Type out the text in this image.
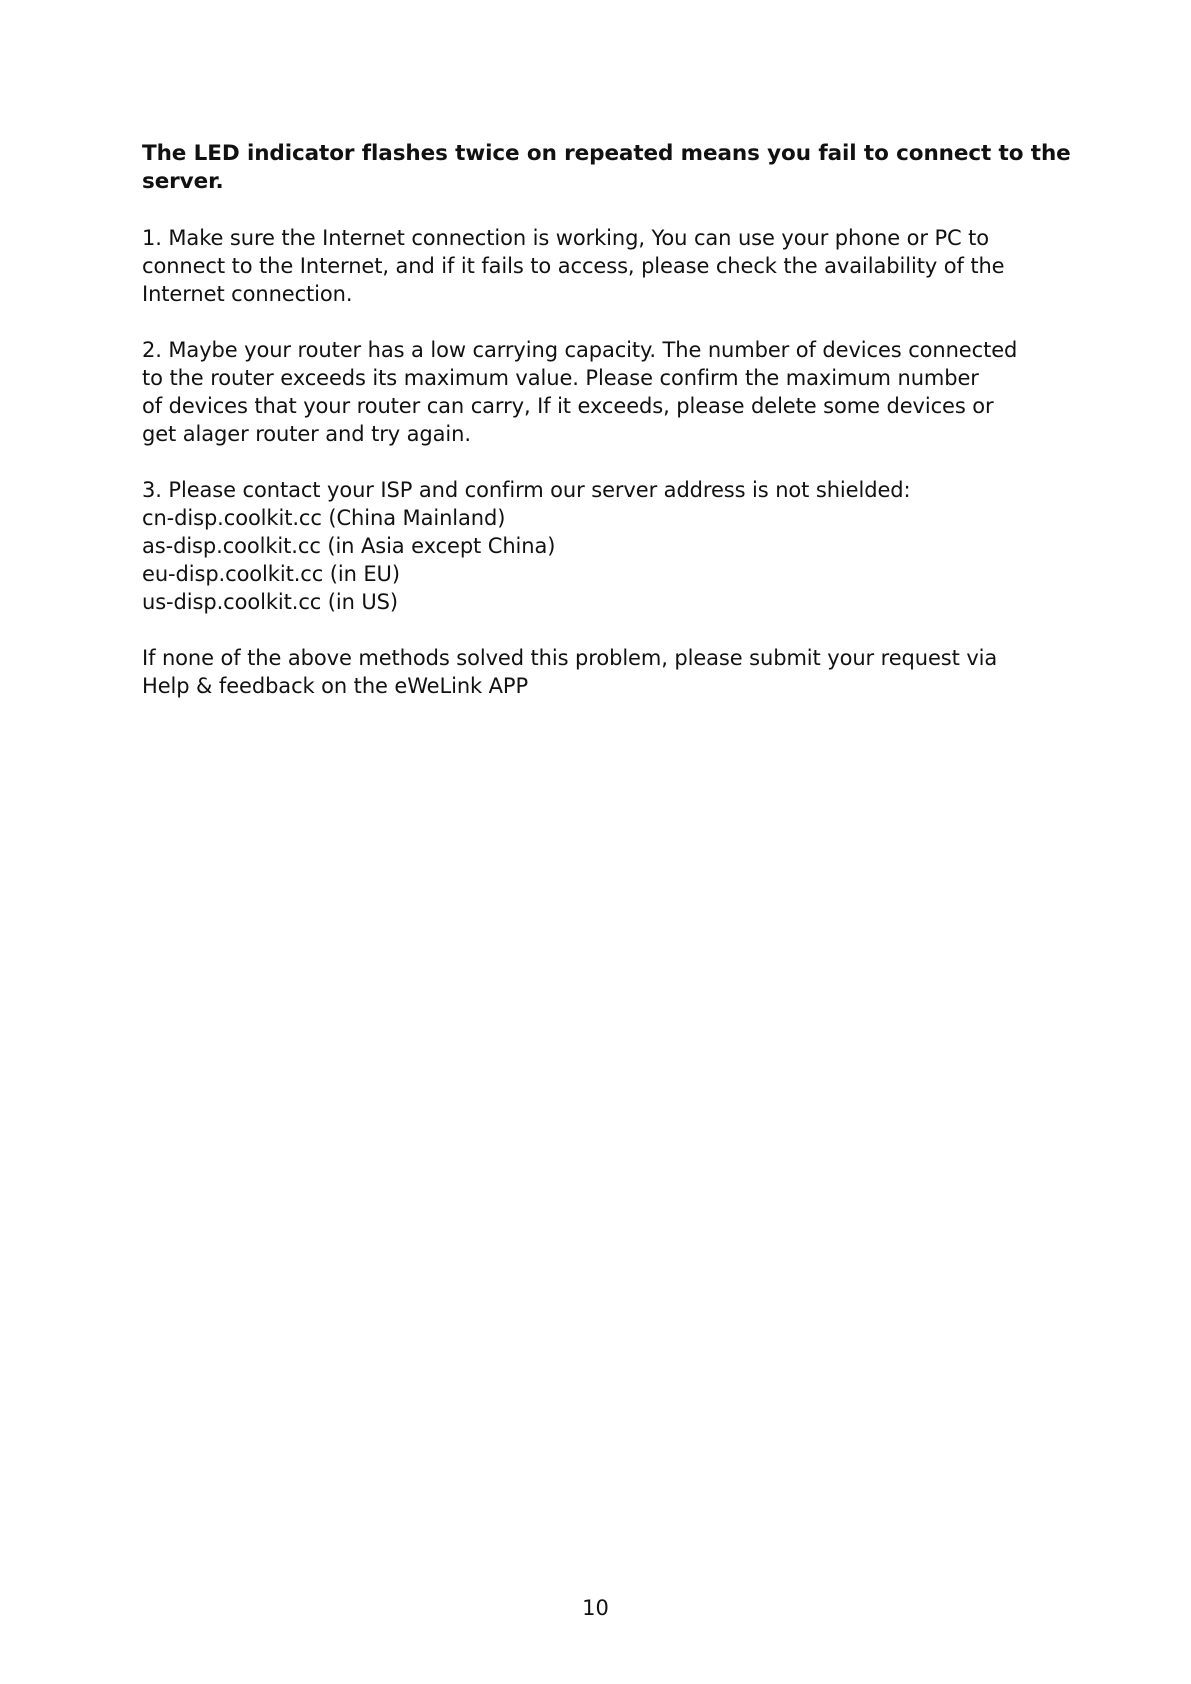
The LED indicator flashes twice on repeated means you fail to connect to the
server.

1. Make sure the Internet connection is working, You can use your phone or PC to
connect to the Internet, and if it fails to access, please check the availability of the
Internet connection.

2. Maybe your router has a low carrying capacity. The number of devices connected
to the router exceeds its maximum value. Please confirm the maximum number
of devices that your router can carry, If it exceeds, please delete some devices or
get alager router and try again.

3. Please contact your ISP and confirm our server address is not shielded:
cn-disp.coolkit.cc (China Mainland)
as-disp.coolkit.cc (in Asia except China)
eu-disp.coolkit.cc (in EU)
us-disp.coolkit.cc (in US)

If none of the above methods solved this problem, please submit your request via
Help & feedback on the eWeLink APP

10
